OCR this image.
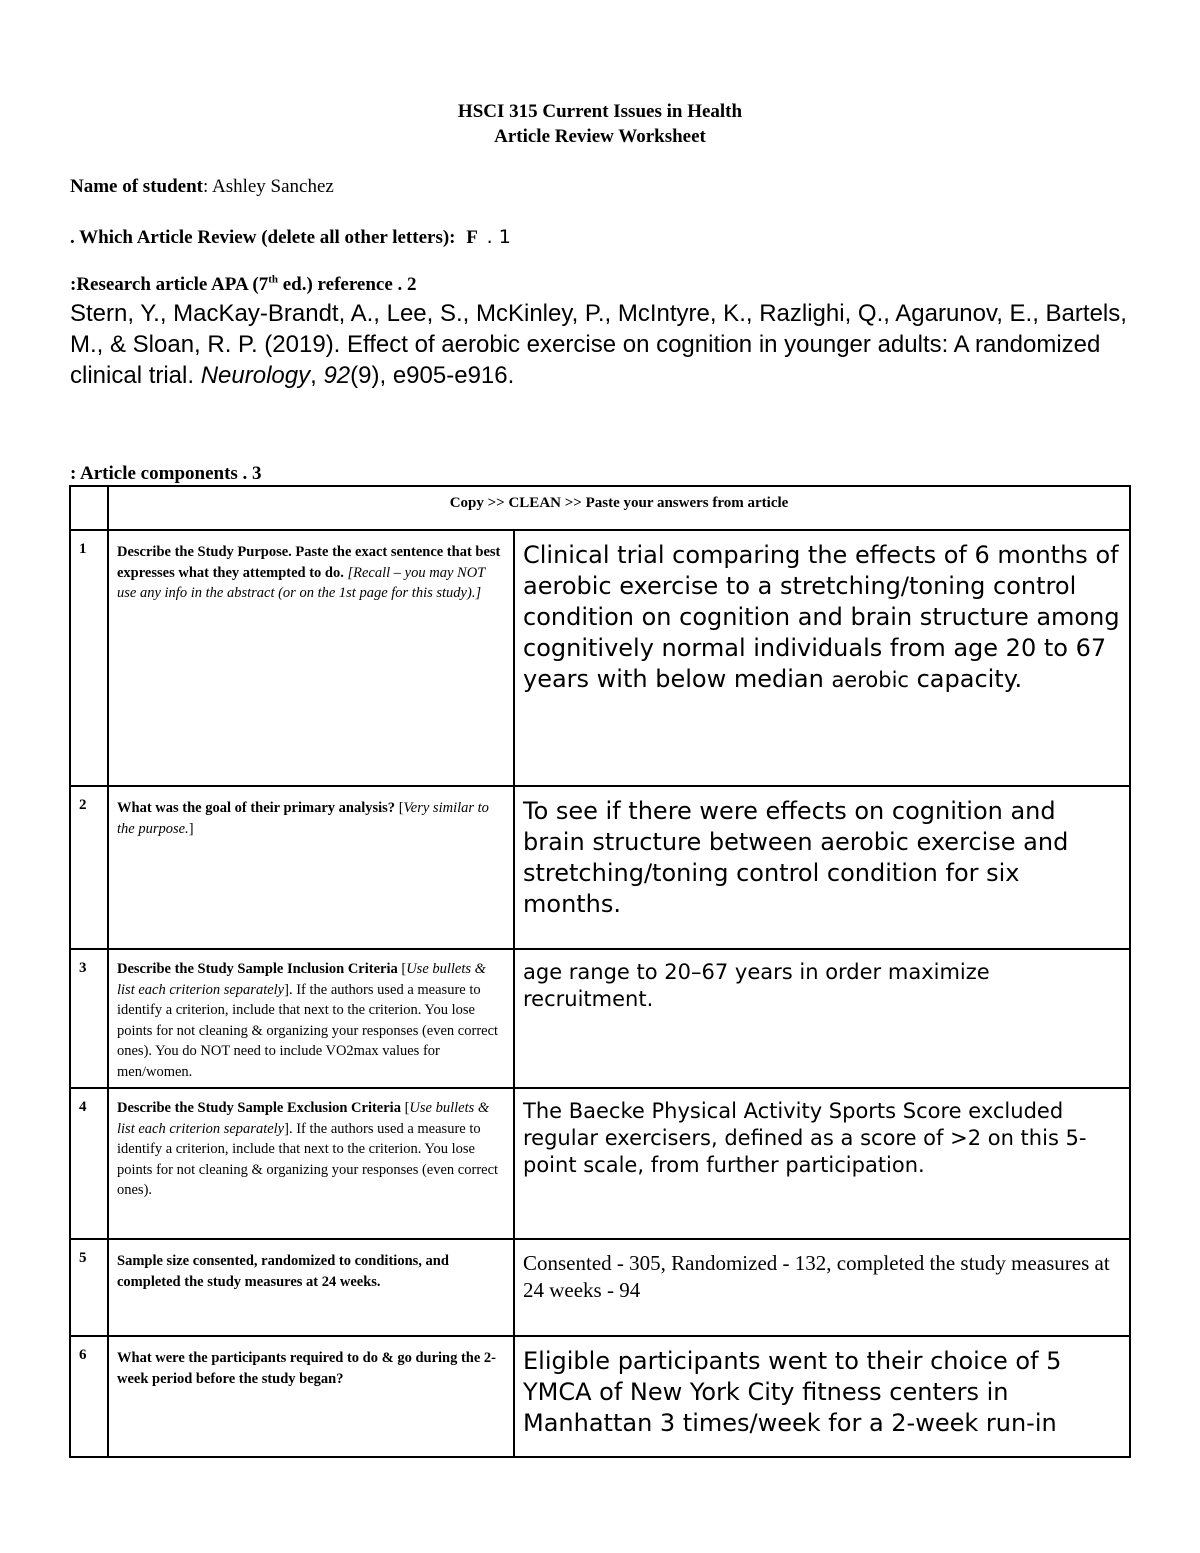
HSCI 315 Current Issues in Health
Article Review Worksheet
Name of student: Ashley Sanchez
. Which Article Review (delete all other letters): F . 1
:Research article APA (7th ed.) reference . 2
Stern, Y., MacKay-Brandt, A., Lee, S., McKinley, P., McIntyre, K., Razlighi, Q., Agarunov, E., Bartels, M., & Sloan, R. P. (2019). Effect of aerobic exercise on cognition in younger adults: A randomized clinical trial. Neurology, 92(9), e905-e916.
: Article components . 3
	Copy >> CLEAN >> Paste your answers from article	
1	Describe the Study Purpose. Paste the exact sentence that best expresses what they attempted to do. [Recall – you may NOT use any info in the abstract (or on the 1st page for this study).]	Clinical trial comparing the effects of 6 months of aerobic exercise to a stretching/toning control condition on cognition and brain structure among cognitively normal individuals from age 20 to 67 years with below median aerobic capacity.
2	What was the goal of their primary analysis? [Very similar to the purpose.]	To see if there were effects on cognition and brain structure between aerobic exercise and stretching/toning control condition for six months.
3	Describe the Study Sample Inclusion Criteria [Use bullets & list each criterion separately]. If the authors used a measure to identify a criterion, include that next to the criterion. You lose points for not cleaning & organizing your responses (even correct ones). You do NOT need to include VO2max values for men/women.	age range to 20–67 years in order maximize recruitment.
4	Describe the Study Sample Exclusion Criteria [Use bullets & list each criterion separately]. If the authors used a measure to identify a criterion, include that next to the criterion. You lose points for not cleaning & organizing your responses (even correct ones).	The Baecke Physical Activity Sports Score excluded regular exercisers, defined as a score of >2 on this 5-point scale, from further participation.
5	Sample size consented, randomized to conditions, and completed the study measures at 24 weeks.	Consented - 305, Randomized - 132, completed the study measures at 24 weeks - 94
6	What were the participants required to do & go during the 2-week period before the study began?	Eligible participants went to their choice of 5 YMCA of New York City fitness centers in Manhattan 3 times/week for a 2-week run-in
